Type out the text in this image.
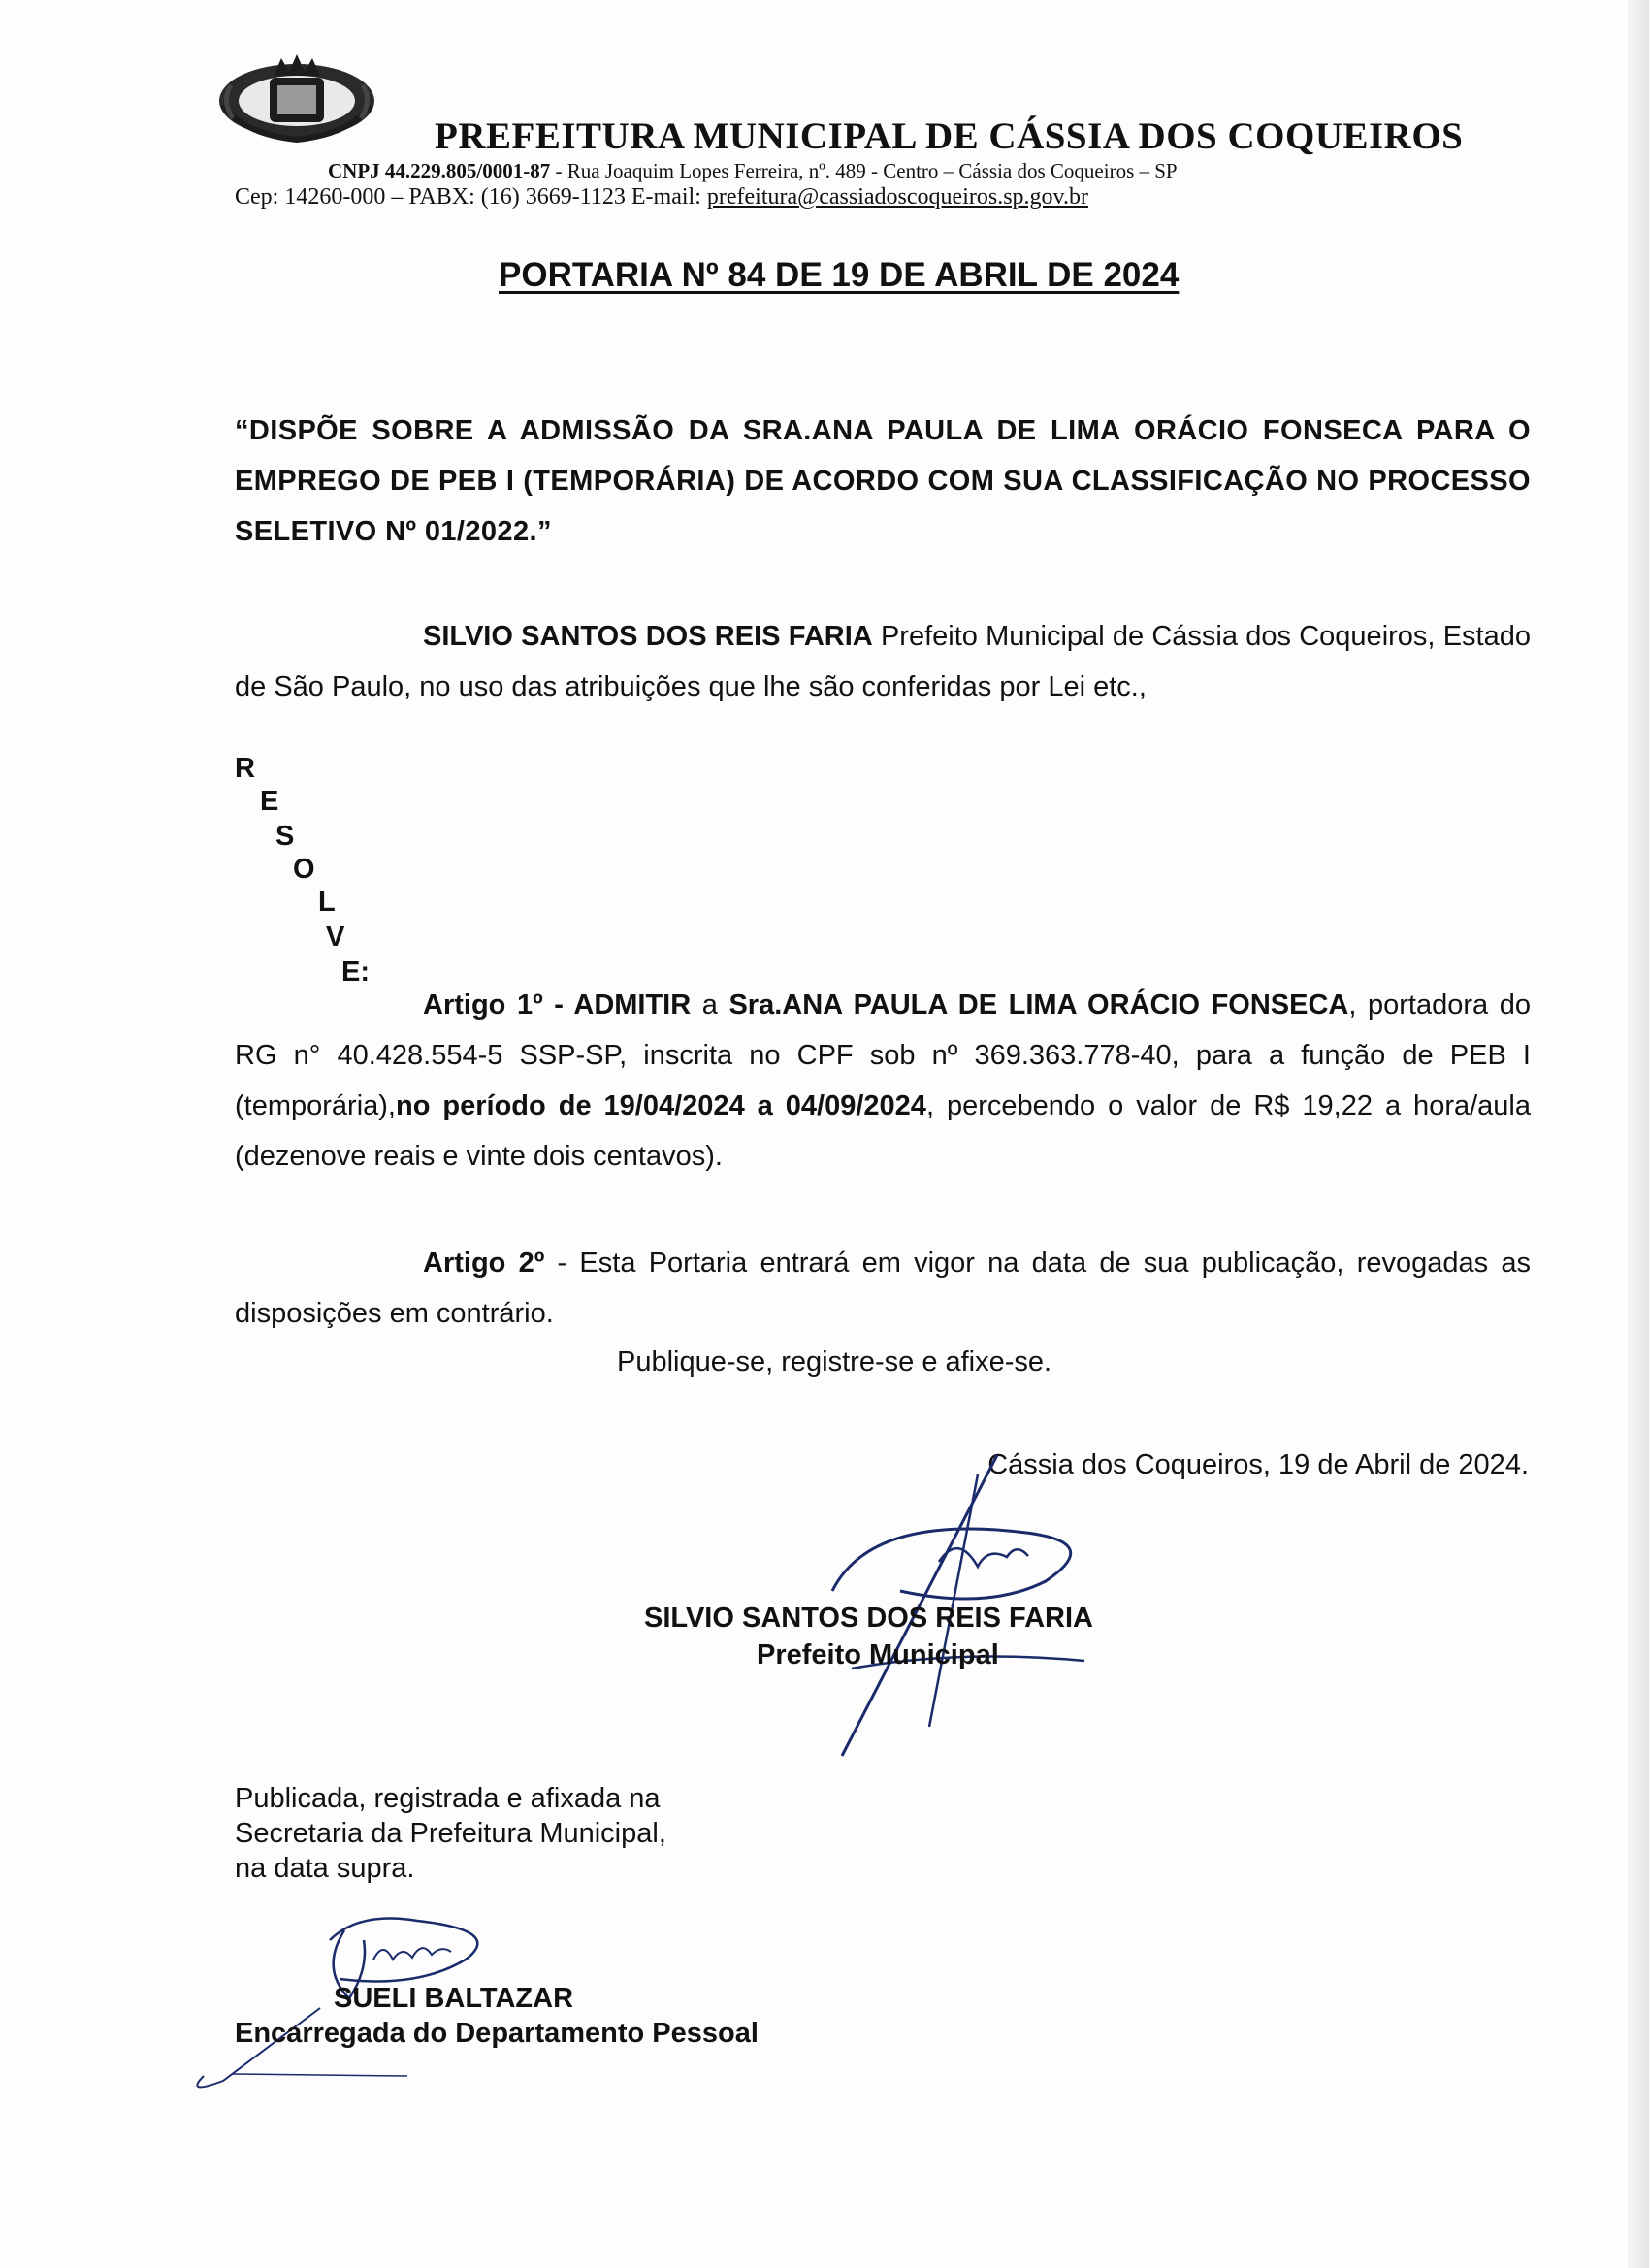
PREFEITURA MUNICIPAL DE CÁSSIA DOS COQUEIROS
CNPJ 44.229.805/0001-87 - Rua Joaquim Lopes Ferreira, nº. 489 - Centro – Cássia dos Coqueiros – SP
Cep: 14260-000 – PABX: (16) 3669-1123 E-mail: prefeitura@cassiadoscoqueiros.sp.gov.br
PORTARIA Nº 84 DE 19 DE ABRIL DE 2024
“DISPÕE SOBRE A ADMISSÃO DA SRA.ANA PAULA DE LIMA ORÁCIO FONSECA PARA O EMPREGO DE PEB I (TEMPORÁRIA) DE ACORDO COM SUA CLASSIFICAÇÃO NO PROCESSO SELETIVO Nº 01/2022.”
SILVIO SANTOS DOS REIS FARIA Prefeito Municipal de Cássia dos Coqueiros, Estado de São Paulo, no uso das atribuições que lhe são conferidas por Lei etc.,
R
E
S
O
L
V
E:
Artigo 1º - ADMITIR a Sra.ANA PAULA DE LIMA ORÁCIO FONSECA, portadora do RG n° 40.428.554-5 SSP-SP, inscrita no CPF sob nº 369.363.778-40, para a função de PEB I (temporária),no período de 19/04/2024 a 04/09/2024, percebendo o valor de R$ 19,22 a hora/aula (dezenove reais e vinte dois centavos).
Artigo 2º - Esta Portaria entrará em vigor na data de sua publicação, revogadas as disposições em contrário.
Publique-se, registre-se e afixe-se.
Cássia dos Coqueiros, 19 de Abril de 2024.
SILVIO SANTOS DOS REIS FARIA
Prefeito Municipal
Publicada, registrada e afixada na
Secretaria da Prefeitura Municipal,
na data supra.
SUELI BALTAZAR
Encarregada do Departamento Pessoal
